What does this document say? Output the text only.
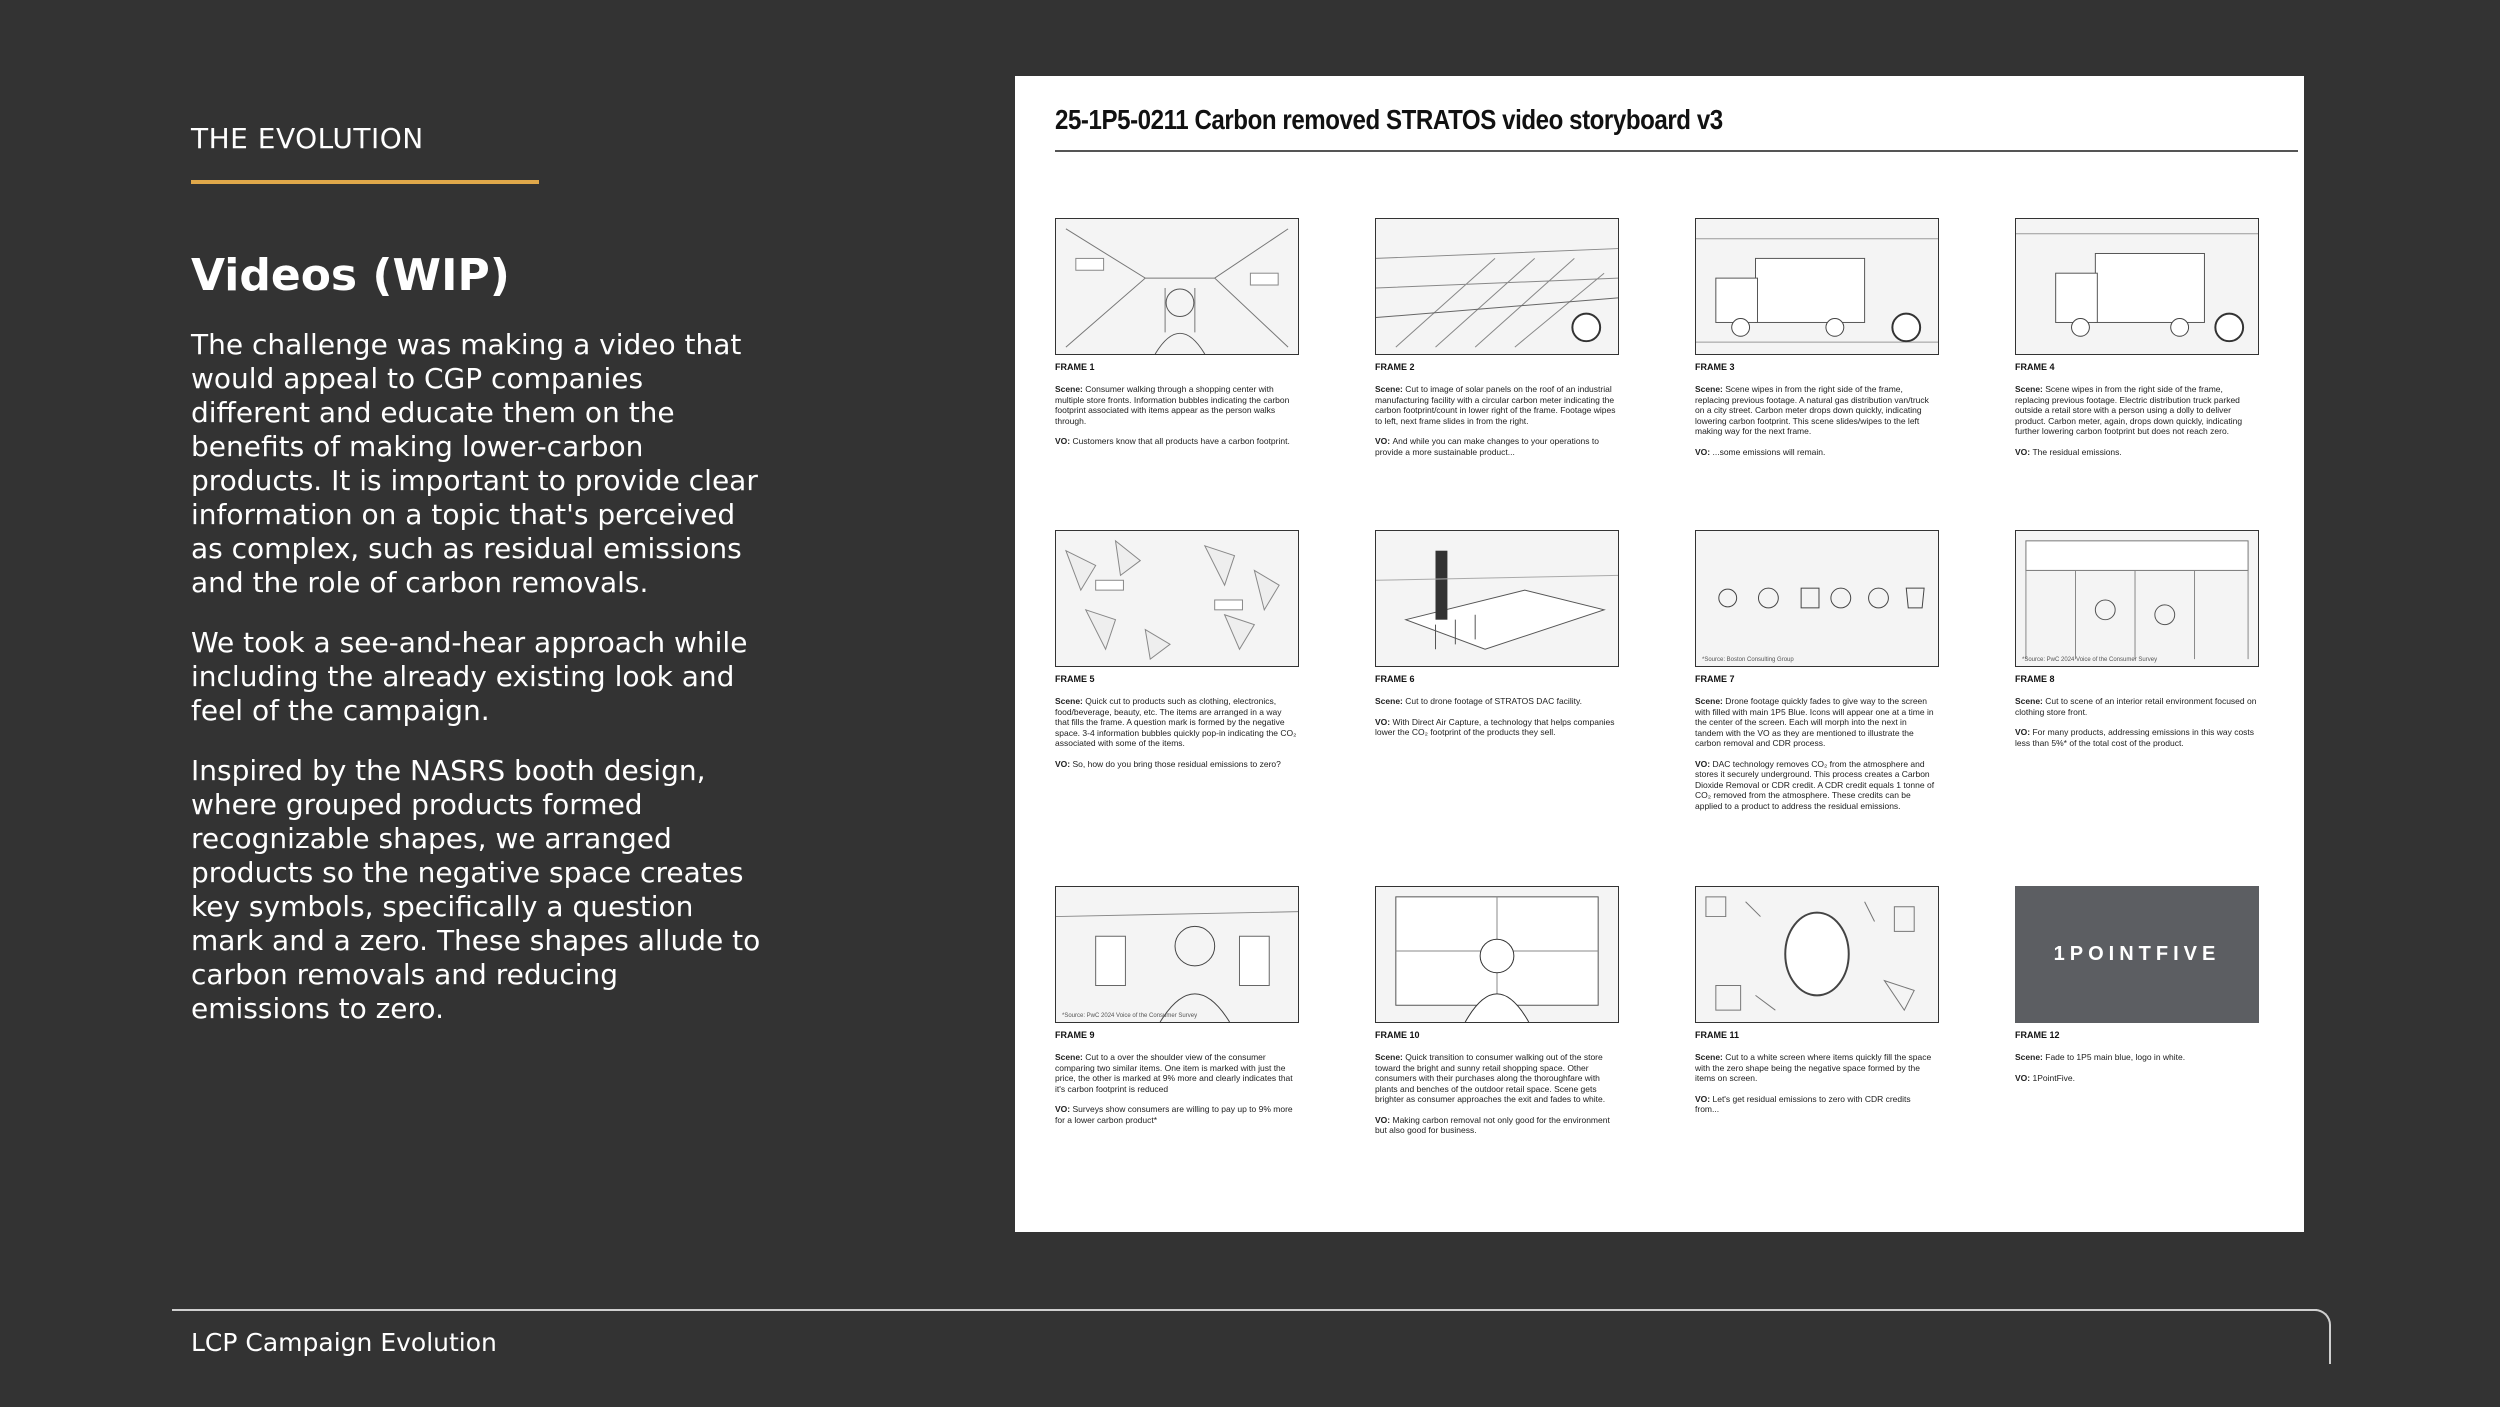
THE EVOLUTION
Videos (WIP)

The challenge was making a video that would appeal to CGP companies different and educate them on the benefits of making lower-carbon products. It is important to provide clear information on a topic that's perceived as complex, such as residual emissions and the role of carbon removals.

We took a see-and-hear approach while including the already existing look and feel of the campaign.

Inspired by the NASRS booth design, where grouped products formed recognizable shapes, we arranged products so the negative space creates key symbols, specifically a question mark and a zero. These shapes allude to carbon removals and reducing emissions to zero.

25-1P5-0211 Carbon removed STRATOS video storyboard v3
FRAME 1
Scene: Consumer walking through a shopping center with multiple store fronts. Information bubbles indicating the carbon footprint associated with items appear as the person walks through.
VO: Customers know that all products have a carbon footprint.
FRAME 2
Scene: Cut to image of solar panels on the roof of an industrial manufacturing facility with a circular carbon meter indicating the carbon footprint/count in lower right of the frame. Footage wipes to left, next frame slides in from the right.
VO: And while you can make changes to your operations to provide a more sustainable product...
FRAME 3
Scene: Scene wipes in from the right side of the frame, replacing previous footage. A natural gas distribution van/truck on a city street. Carbon meter drops down quickly, indicating lowering carbon footprint. This scene slides/wipes to the left making way for the next frame.
VO: ...some emissions will remain.
FRAME 4
Scene: Scene wipes in from the right side of the frame, replacing previous footage. Electric distribution truck parked outside a retail store with a person using a dolly to deliver product. Carbon meter, again, drops down quickly, indicating further lowering carbon footprint but does not reach zero.
VO: The residual emissions.
FRAME 5
Scene: Quick cut to products such as clothing, electronics, food/beverage, beauty, etc. The items are arranged in a way that fills the frame. A question mark is formed by the negative space. 3-4 information bubbles quickly pop-in indicating the CO₂ associated with some of the items.
VO: So, how do you bring those residual emissions to zero?
FRAME 6
Scene: Cut to drone footage of STRATOS DAC facility.
VO: With Direct Air Capture, a technology that helps companies lower the CO₂ footprint of the products they sell.
*Source: Boston Consulting Group
FRAME 7
Scene: Drone footage quickly fades to give way to the screen with filled with main 1P5 Blue. Icons will appear one at a time in the center of the screen. Each will morph into the next in tandem with the VO as they are mentioned to illustrate the carbon removal and CDR process.
VO: DAC technology removes CO₂ from the atmosphere and stores it securely underground. This process creates a Carbon Dioxide Removal or CDR credit. A CDR credit equals 1 tonne of CO₂ removed from the atmosphere. These credits can be applied to a product to address the residual emissions.
*Source: PwC 2024 Voice of the Consumer Survey
FRAME 8
Scene: Cut to scene of an interior retail environment focused on clothing store front.
VO: For many products, addressing emissions in this way costs less than 5%* of the total cost of the product.
*Source: PwC 2024 Voice of the Consumer Survey
FRAME 9
Scene: Cut to a over the shoulder view of the consumer comparing two similar items. One item is marked with just the price, the other is marked at 9% more and clearly indicates that it's carbon footprint is reduced
VO: Surveys show consumers are willing to pay up to 9% more for a lower carbon product*
FRAME 10
Scene: Quick transition to consumer walking out of the store toward the bright and sunny retail shopping space. Other consumers with their purchases along the thoroughfare with plants and benches of the outdoor retail space. Scene gets brighter as consumer approaches the exit and fades to white.
VO: Making carbon removal not only good for the environment but also good for business.
FRAME 11
Scene: Cut to a white screen where items quickly fill the space with the zero shape being the negative space formed by the items on screen.
VO: Let's get residual emissions to zero with CDR credits from...
1POINTFIVE
FRAME 12
Scene: Fade to 1P5 main blue, logo in white.
VO: 1PointFive.
LCP Campaign Evolution
